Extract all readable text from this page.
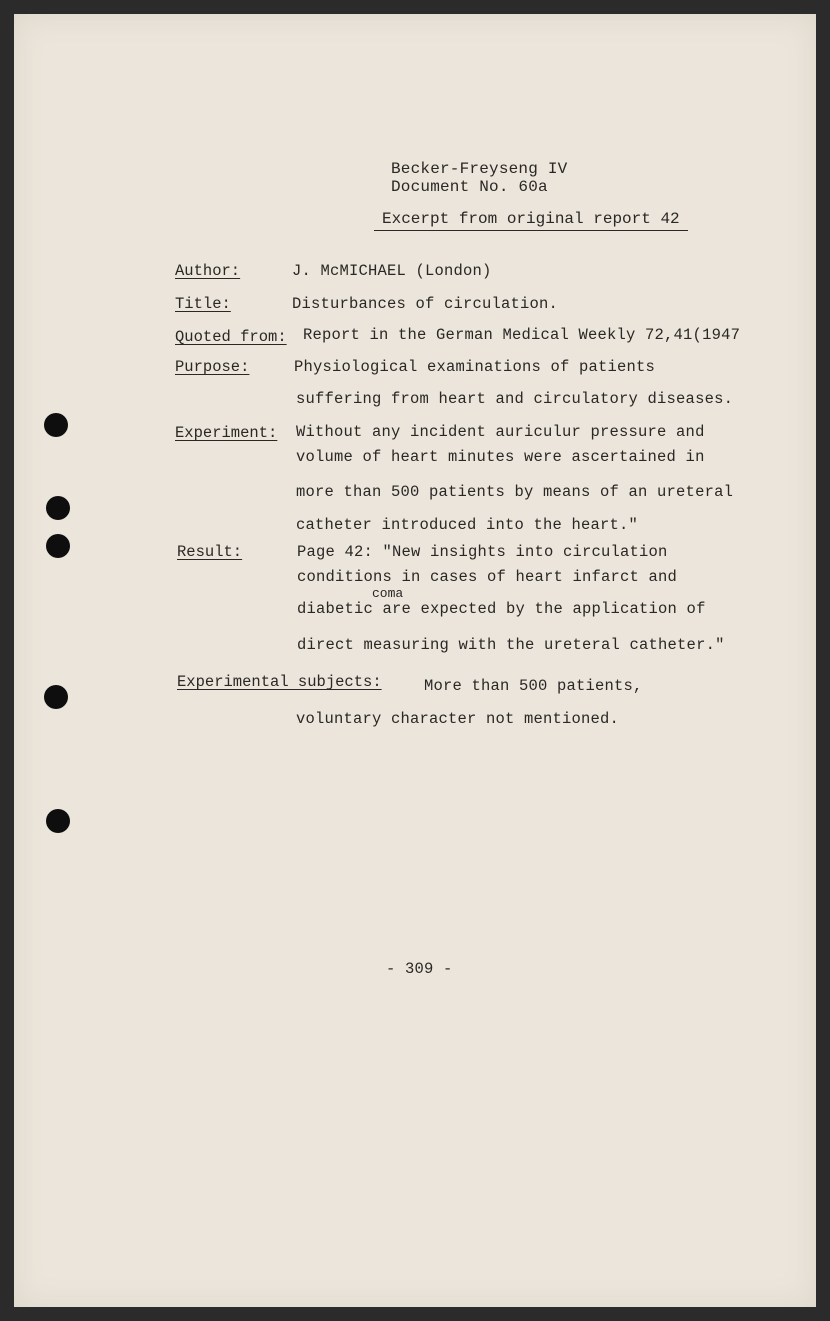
Becker-Freyseng IV
Document No. 60a
Excerpt from original report 42
Author:	J. McMICHAEL (London)
Title:	Disturbances of circulation.
Quoted from: Report in the German Medical Weekly 72,41(1947
Purpose:	Physiological examinations of patients
suffering from heart and circulatory diseases.
Experiment: Without any incident auriculur pressure and
volume of heart minutes were ascertained in
more than 500 patients by means of an ureteral
catheter introduced into the heart."
Result:	Page 42: "New insights into circulation
conditions in cases of heart infarct and
coma
diabetic are expected by the application of
direct measuring with the ureteral catheter."
Experimental subjects:	More than 500 patients,
voluntary character not mentioned.
- 309 -
